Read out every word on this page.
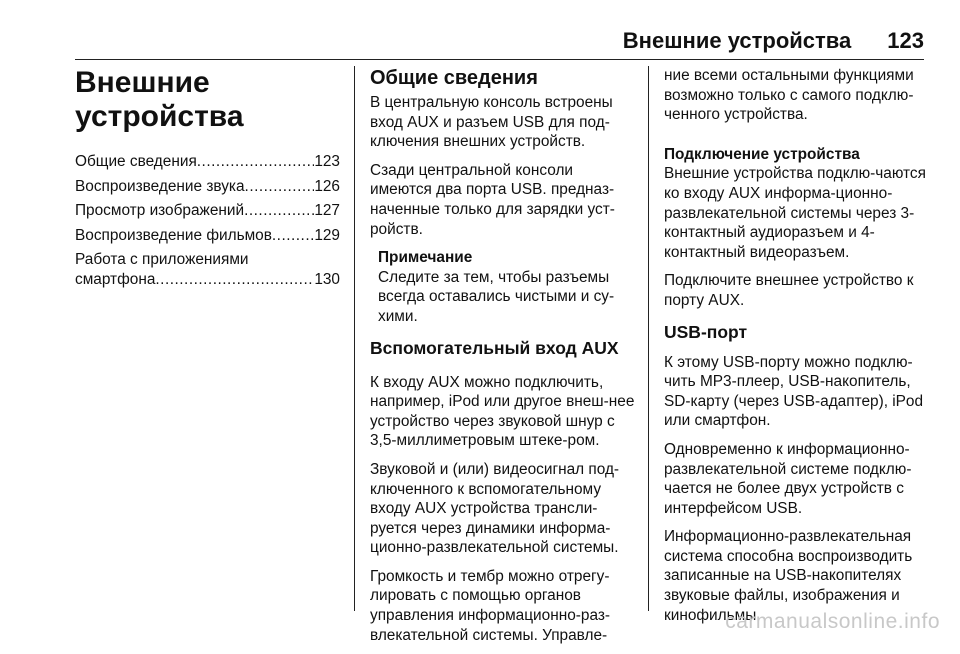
Внешние устройства 123
Внешние
устройства
Общие сведения .....	123
Воспроизведение звука .....	126
Просмотр изображений .....	127
Воспроизведение фильмов .....	129
Работа с приложениями
смартфона .....	130
Общие сведения

В центральную консоль встроены вход AUX и разъем USB для под-ключения внешних устройств.

Сзади центральной консоли имеются два порта USB. предназ-наченные только для зарядки уст-ройств.

Примечание
Следите за тем, чтобы разъемы всегда оставались чистыми и су-хими.
Вспомогательный вход AUX

К входу AUX можно подключить, например, iPod или другое внеш-нее устройство через звуковой шнур с 3,5-миллиметровым штеке-ром.

Звуковой и (или) видеосигнал под-ключенного к вспомогательному входу AUX устройства трансли-руется через динамики информа-ционно-развлекательной системы.

Громкость и тембр можно отрегу-лировать с помощью органов управления информационно-раз-влекательной системы. Управле-

ние всеми остальными функциями возможно только с самого подклю-ченного устройства.

Подключение устройства

Внешние устройства подклю-чаются ко входу AUX информа-ционно-развлекательной системы через 3-контактный аудиоразъем и 4-контактный видеоразъем.

Подключите внешнее устройство к порту AUX.

USB-порт

К этому USB-порту можно подклю-чить MP3-плеер, USB-накопитель, SD-карту (через USB-адаптер), iPod или смартфон.

Одновременно к информационно-развлекательной системе подклю-чается не более двух устройств с интерфейсом USB.

Информационно-развлекательная система способна воспроизводить записанные на USB-накопителях звуковые файлы, изображения и кинофильмы.

carmanualsonline.info
